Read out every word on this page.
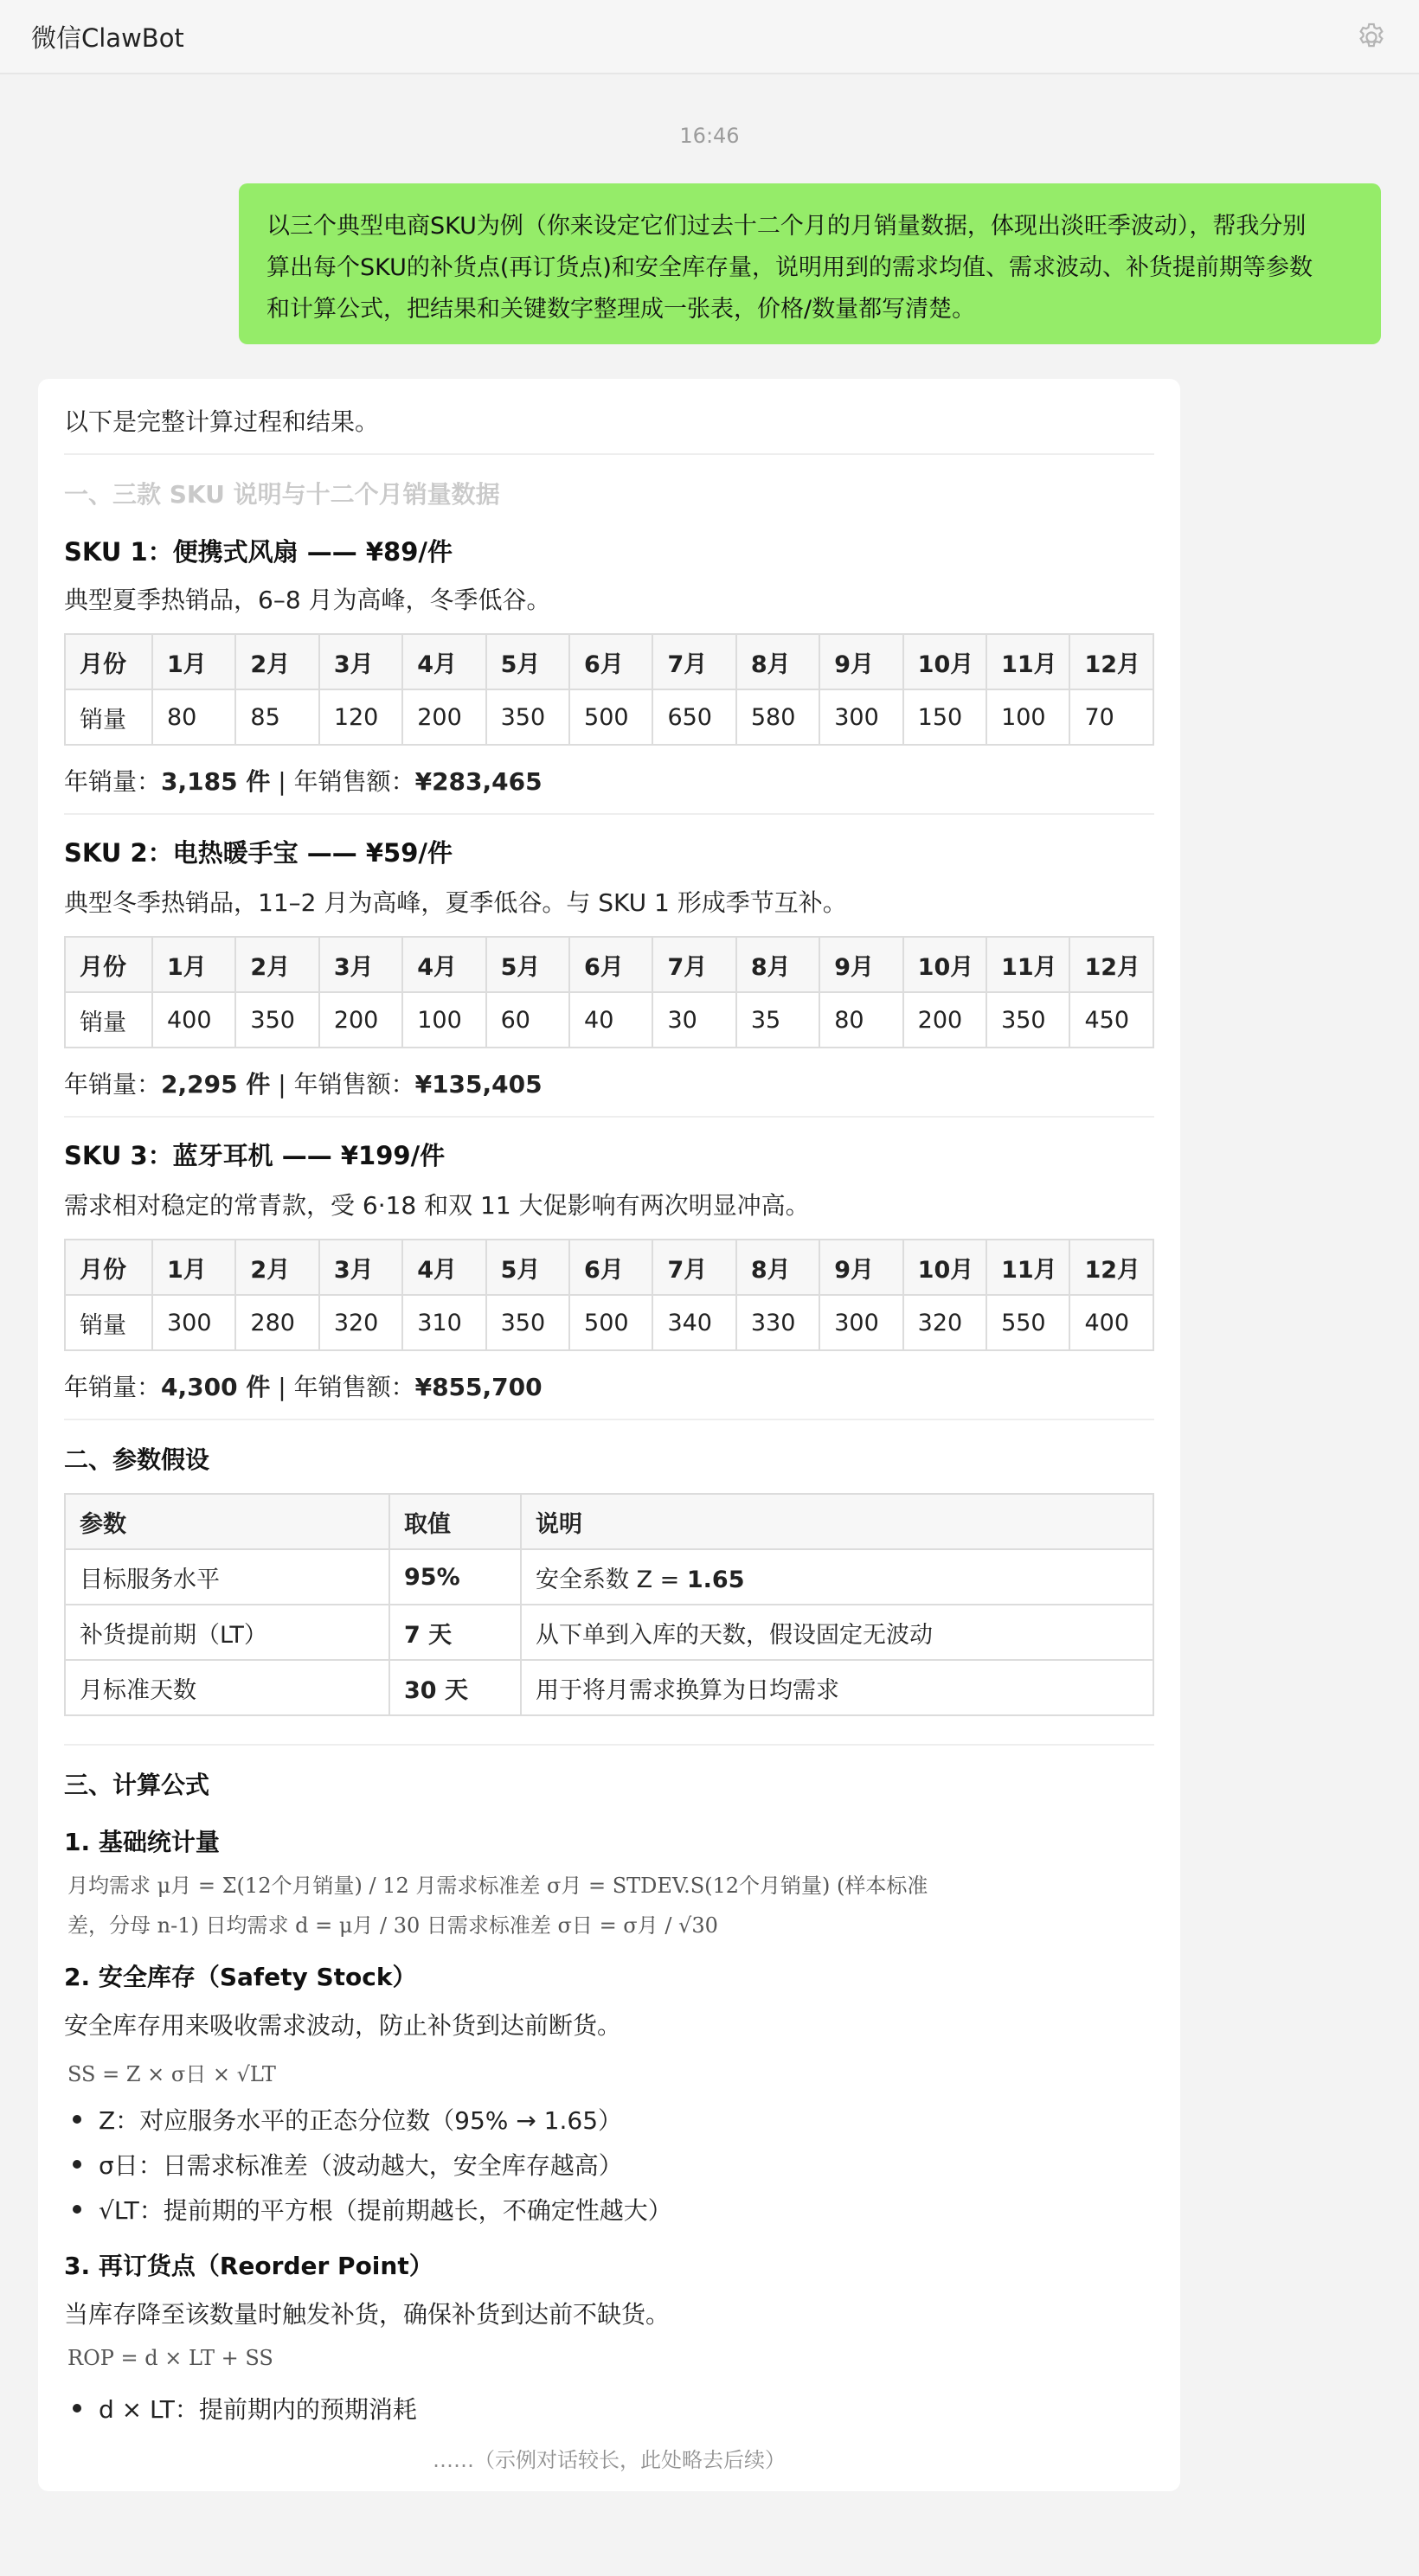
微信ClawBot
16:46
以三个典型电商SKU为例（你来设定它们过去十二个月的月销量数据，体现出淡旺季波动），帮我分别
算出每个SKU的补货点(再订货点)和安全库存量，说明用到的需求均值、需求波动、补货提前期等参数
和计算公式，把结果和关键数字整理成一张表，价格/数量都写清楚。
以下是完整计算过程和结果。
一、三款 SKU 说明与十二个月销量数据
SKU 1：便携式风扇 —— ¥89/件
典型夏季热销品，6–8 月为高峰，冬季低谷。
月份	1月	2月	3月	4月	5月	6月	7月	8月	9月	10月	11月	12月
销量	80	85	120	200	350	500	650	580	300	150	100	70
年销量：3,185 件 | 年销售额：¥283,465
SKU 2：电热暖手宝 —— ¥59/件
典型冬季热销品，11–2 月为高峰，夏季低谷。与 SKU 1 形成季节互补。
月份	1月	2月	3月	4月	5月	6月	7月	8月	9月	10月	11月	12月
销量	400	350	200	100	60	40	30	35	80	200	350	450
年销量：2,295 件 | 年销售额：¥135,405
SKU 3：蓝牙耳机 —— ¥199/件
需求相对稳定的常青款，受 6·18 和双 11 大促影响有两次明显冲高。
月份	1月	2月	3月	4月	5月	6月	7月	8月	9月	10月	11月	12月
销量	300	280	320	310	350	500	340	330	300	320	550	400
年销量：4,300 件 | 年销售额：¥855,700
二、参数假设
参数	取值	说明
目标服务水平	95%	安全系数 Z = 1.65
补货提前期（LT）	7 天	从下单到入库的天数，假设固定无波动
月标准天数	30 天	用于将月需求换算为日均需求
三、计算公式
1. 基础统计量
月均需求 μ月 = Σ(12个月销量) / 12 月需求标准差 σ月 = STDEV.S(12个月销量) (样本标准
差，分母 n-1) 日均需求 d = μ月 / 30 日需求标准差 σ日 = σ月 / √30
2. 安全库存（Safety Stock）
安全库存用来吸收需求波动，防止补货到达前断货。
SS = Z × σ日 × √LT
Z：对应服务水平的正态分位数（95% → 1.65）
σ日：日需求标准差（波动越大，安全库存越高）
√LT：提前期的平方根（提前期越长，不确定性越大）
3. 再订货点（Reorder Point）
当库存降至该数量时触发补货，确保补货到达前不缺货。
ROP = d × LT + SS
d × LT：提前期内的预期消耗
……（示例对话较长，此处略去后续）
